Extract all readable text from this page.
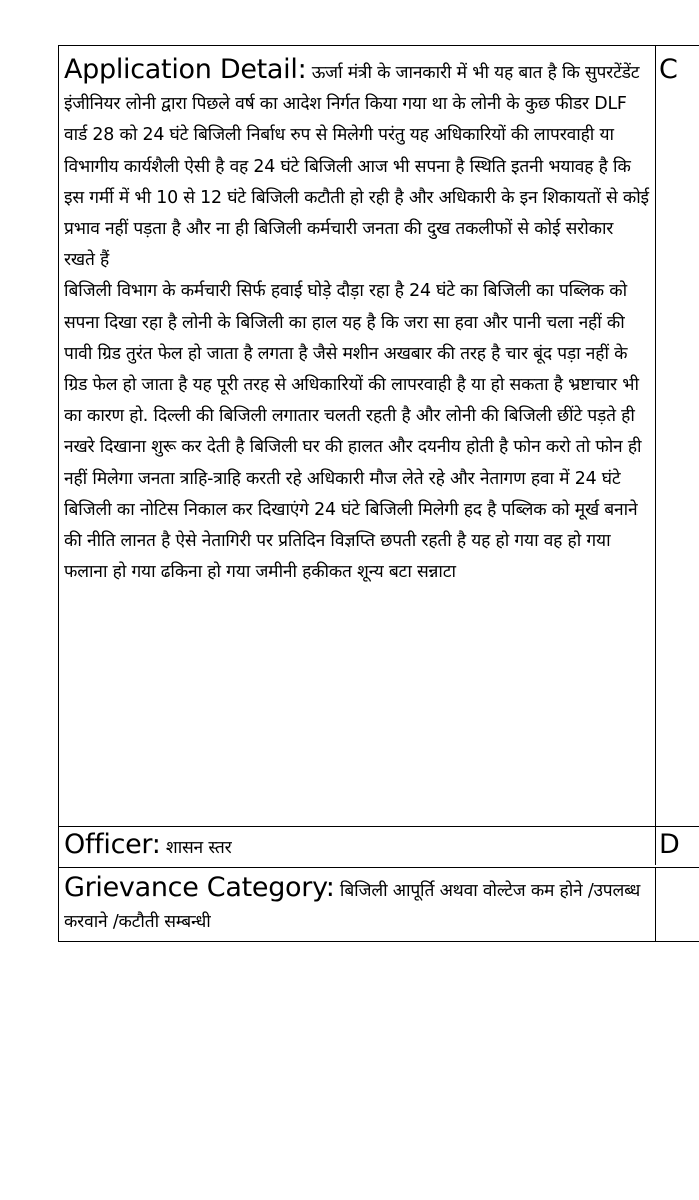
Application Detail: ऊर्जा मंत्री के जानकारी में भी यह बात है कि सुपरटेंडेंट इंजीनियर लोनी द्वारा पिछले वर्ष का आदेश निर्गत किया गया था के लोनी के कुछ फीडर DLF वार्ड 28 को 24 घंटे बिजिली निर्बाध रुप से मिलेगी परंतु यह अधिकारियों की लापरवाही या विभागीय कार्यशैली ऐसी है वह 24 घंटे बिजिली आज भी सपना है स्थिति इतनी भयावह है कि इस गर्मी में भी 10 से 12 घंटे बिजिली कटौती हो रही है और अधिकारी के इन शिकायतों से कोई प्रभाव नहीं पड़ता है और ना ही बिजिली कर्मचारी जनता की दुख तकलीफों से कोई सरोकार रखते हैं
बिजिली विभाग के कर्मचारी सिर्फ हवाई घोड़े दौड़ा रहा है 24 घंटे का बिजिली का पब्लिक को सपना दिखा रहा है लोनी के बिजिली का हाल यह है कि जरा सा हवा और पानी चला नहीं की पावी ग्रिड तुरंत फेल हो जाता है लगता है जैसे मशीन अखबार की तरह है चार बूंद पड़ा नहीं के ग्रिड फेल हो जाता है यह पूरी तरह से अधिकारियों की लापरवाही है या हो सकता है भ्रष्टाचार भी का कारण हो. दिल्ली की बिजिली लगातार चलती रहती है और लोनी की बिजिली छींटे पड़ते ही नखरे दिखाना शुरू कर देती है बिजिली घर की हालत और दयनीय होती है फोन करो तो फोन ही नहीं मिलेगा जनता त्राहि-त्राहि करती रहे अधिकारी मौज लेते रहे और नेतागण हवा में 24 घंटे बिजिली का नोटिस निकाल कर दिखाएंगे 24 घंटे बिजिली मिलेगी हद है पब्लिक को मूर्ख बनाने की नीति लानत है ऐसे नेतागिरी पर प्रतिदिन विज्ञप्ति छपती रहती है यह हो गया वह हो गया फलाना हो गया ढकिना हो गया जमीनी हकीकत शून्य बटा सन्नाटा
C
Officer: शासन स्तर	D
Grievance Category: बिजिली आपूर्ति अथवा वोल्टेज कम होने /उपलब्ध करवाने /कटौती सम्बन्धी
